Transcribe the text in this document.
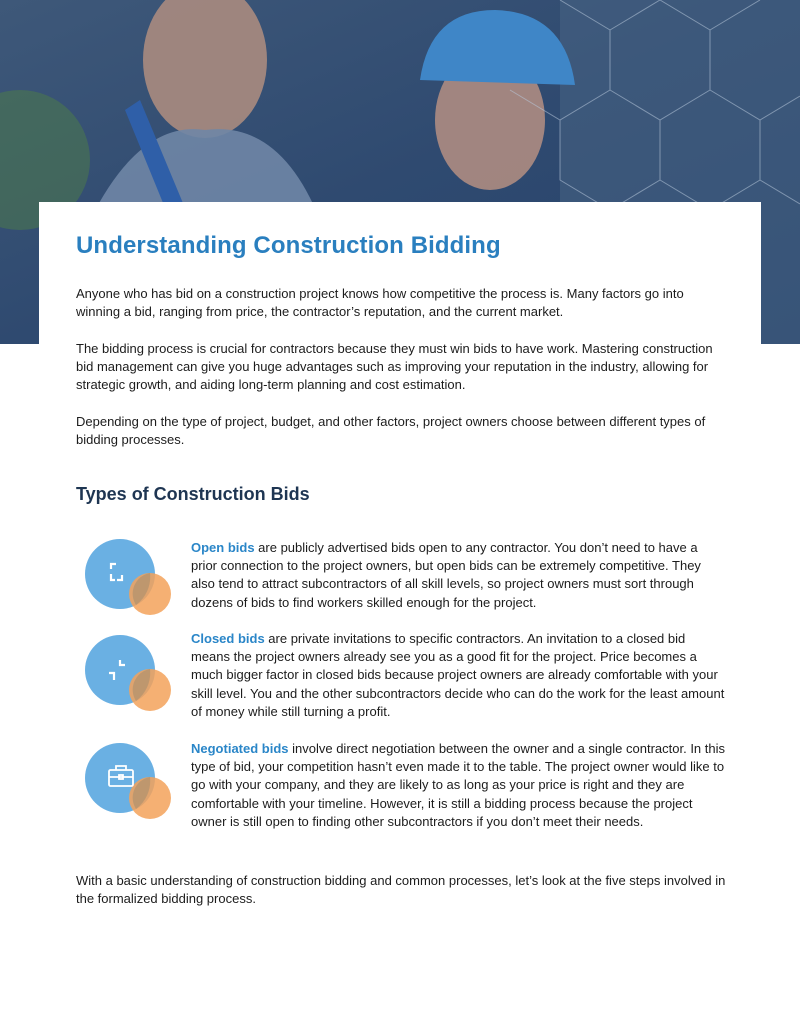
Understanding Construction Bidding

Anyone who has bid on a construction project knows how competitive the process is. Many factors go into winning a bid, ranging from price, the contractor’s reputation, and the current market.

The bidding process is crucial for contractors because they must win bids to have work. Mastering construction bid management can give you huge advantages such as improving your reputation in the industry, allowing for strategic growth, and aiding long-term planning and cost estimation.

Depending on the type of project, budget, and other factors, project owners choose between different types of bidding processes.

Types of Construction Bids

Open bids are publicly advertised bids open to any contractor. You don’t need to have a prior connection to the project owners, but open bids can be extremely competitive. They also tend to attract subcontractors of all skill levels, so project owners must sort through dozens of bids to find workers skilled enough for the project.

Closed bids are private invitations to specific contractors. An invitation to a closed bid means the project owners already see you as a good fit for the project. Price becomes a much bigger factor in closed bids because project owners are already comfortable with your skill level. You and the other subcontractors decide who can do the work for the least amount of money while still turning a profit.

Negotiated bids involve direct negotiation between the owner and a single contractor. In this type of bid, your competition hasn’t even made it to the table. The project owner would like to go with your company, and they are likely to as long as your price is right and they are comfortable with your timeline. However, it is still a bidding process because the project owner is still open to finding other subcontractors if you don’t meet their needs.

With a basic understanding of construction bidding and common processes, let’s look at the five steps involved in the formalized bidding process.
